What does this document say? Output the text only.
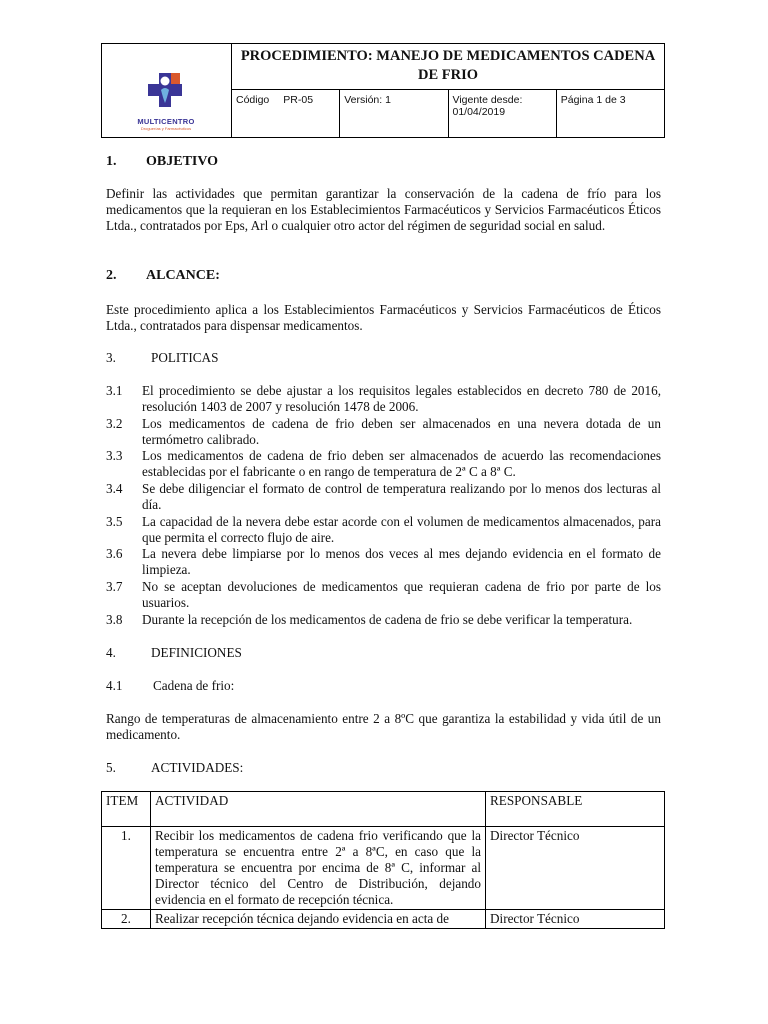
MULTICENTRO
Droguerías y Farmacéuticos	PROCEDIMIENTO: MANEJO DE MEDICAMENTOS CADENA DE FRIO			
	Código PR-05	Versión: 1	Vigente desde: 01/04/2019	Página 1 de 3
1. OBJETIVO

Definir las actividades que permitan garantizar la conservación de la cadena de frío para los medicamentos que la requieran en los Establecimientos Farmacéuticos y Servicios Farmacéuticos Éticos Ltda., contratados por Eps, Arl o cualquier otro actor del régimen de seguridad social en salud.

2. ALCANCE:

Este procedimiento aplica a los Establecimientos Farmacéuticos y Servicios Farmacéuticos de Éticos Ltda., contratados para dispensar medicamentos.

3.	POLITICAS
3.1	El procedimiento se debe ajustar a los requisitos legales establecidos en decreto 780 de 2016, resolución 1403 de 2007 y resolución 1478 de 2006.
3.2	Los medicamentos de cadena de frio deben ser almacenados en una nevera dotada de un termómetro calibrado.
3.3	Los medicamentos de cadena de frio deben ser almacenados de acuerdo las recomendaciones establecidas por el fabricante o en rango de temperatura de 2ª C a 8ª C.
3.4	Se debe diligenciar el formato de control de temperatura realizando por lo menos dos lecturas al día.
3.5	La capacidad de la nevera debe estar acorde con el volumen de medicamentos almacenados, para que permita el correcto flujo de aire.
3.6	La nevera debe limpiarse por lo menos dos veces al mes dejando evidencia en el formato de limpieza.
3.7	No se aceptan devoluciones de medicamentos que requieran cadena de frio por parte de los usuarios.
3.8	Durante la recepción de los medicamentos de cadena de frio se debe verificar la temperatura.
4.	DEFINICIONES
4.1 Cadena de frio:

Rango de temperaturas de almacenamiento entre 2 a 8ºC que garantiza la estabilidad y vida útil de un medicamento.

5.	ACTIVIDADES:
ITEM	ACTIVIDAD	RESPONSABLE
1.	Recibir los medicamentos de cadena frio verificando que la temperatura se encuentra entre 2ª a 8ªC, en caso que la temperatura se encuentra por encima de 8ª C, informar al Director técnico del Centro de Distribución, dejando evidencia en el formato de recepción técnica.	Director Técnico
2.	Realizar recepción técnica dejando evidencia en acta de	Director Técnico
